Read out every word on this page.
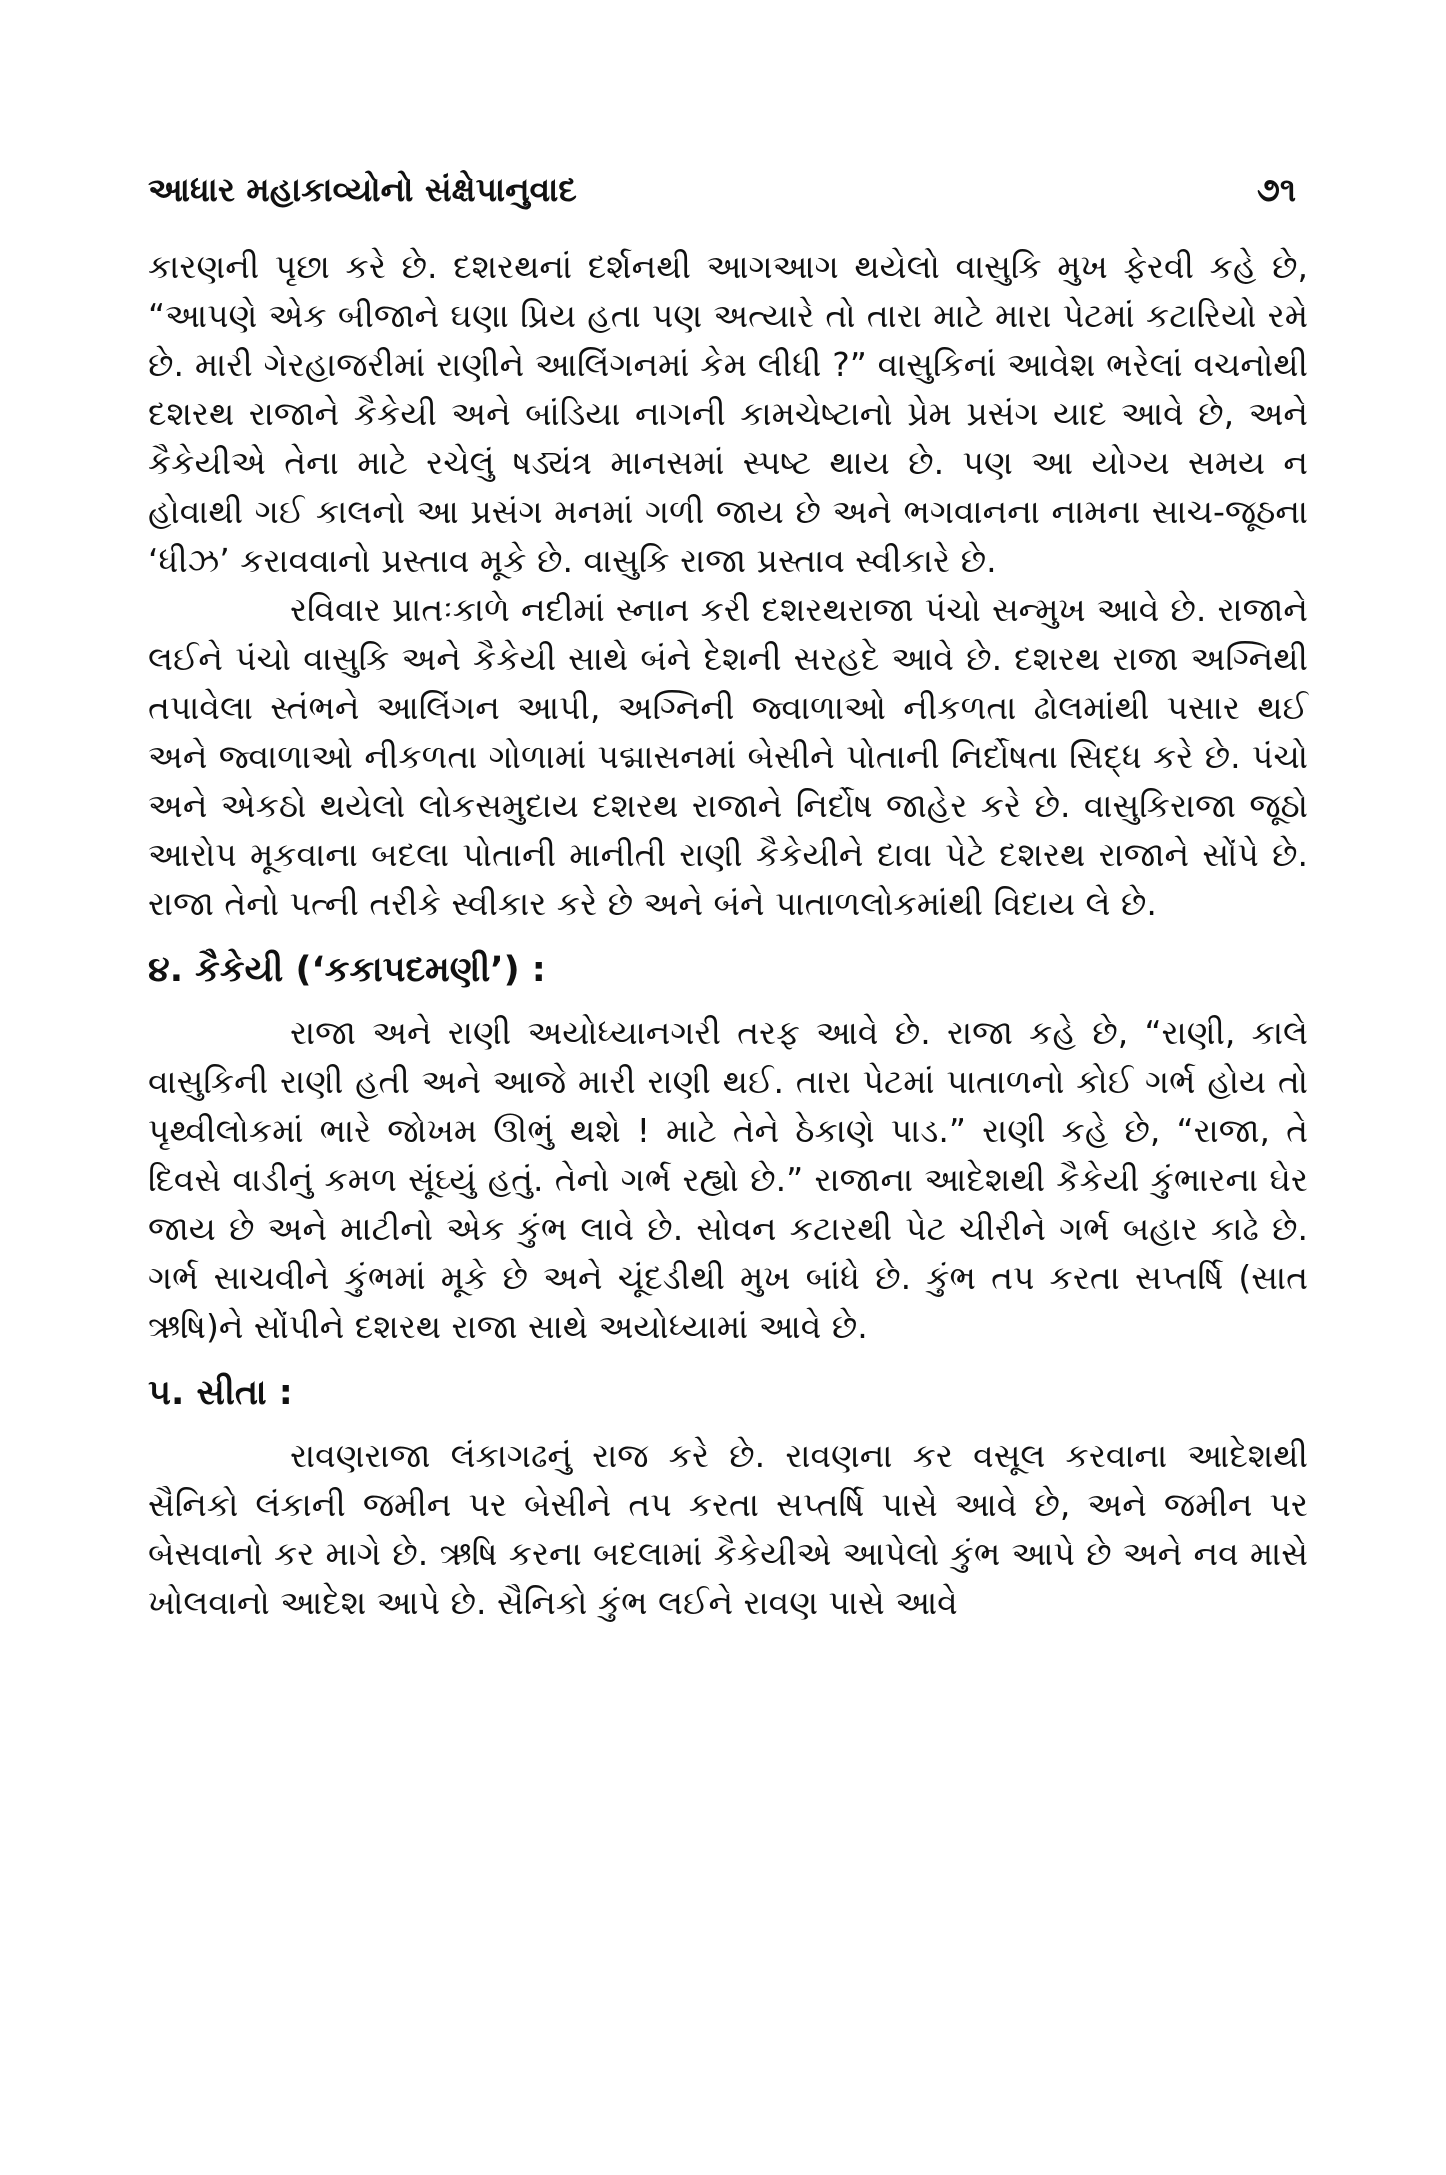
આધાર મહાકાવ્યોનો સંક્ષેપાનુવાદ	૭૧

કારણની પૃછા કરે છે. દશરથનાં દર્શનથી આગઆગ થયેલો વાસુકિ મુખ ફેરવી કહે છે, “આપણે એક બીજાને ઘણા પ્રિય હતા પણ અત્યારે તો તારા માટે મારા પેટમાં કટારિયો રમે છે. મારી ગેરહાજરીમાં રાણીને આલિંગનમાં કેમ લીધી ?” વાસુકિનાં આવેશ ભરેલાં વચનોથી દશરથ રાજાને કૈકેયી અને બાંડિયા નાગની કામચેષ્ટાનો પ્રેમ પ્રસંગ યાદ આવે છે, અને કૈકેયીએ તેના માટે રચેલું ષડ્યંત્ર માનસમાં સ્પષ્ટ થાય છે. પણ આ યોગ્ય સમય ન હોવાથી ગઈ કાલનો આ પ્રસંગ મનમાં ગળી જાય છે અને ભગવાનના નામના સાચ-જૂઠના ‘ધીઝ’ કરાવવાનો પ્રસ્તાવ મૂકે છે. વાસુકિ રાજા પ્રસ્તાવ સ્વીકારે છે.

રવિવાર પ્રાતઃકાળે નદીમાં સ્નાન કરી દશરથરાજા પંચો સન્મુખ આવે છે. રાજાને લઈને પંચો વાસુકિ અને કૈકેયી સાથે બંને દેશની સરહદે આવે છે. દશરથ રાજા અગ્નિથી તપાવેલા સ્તંભને આલિંગન આપી, અગ્નિની જ્વાળાઓ નીકળતા ઢોલમાંથી પસાર થઈ અને જ્વાળાઓ નીકળતા ગોળામાં પદ્માસનમાં બેસીને પોતાની નિર્દોષતા સિદ્ધ કરે છે. પંચો અને એકઠો થયેલો લોકસમુદાય દશરથ રાજાને નિર્દોષ જાહેર કરે છે. વાસુકિરાજા જૂઠો આરોપ મૂકવાના બદલા પોતાની માનીતી રાણી કૈકેયીને દાવા પેટે દશરથ રાજાને સોંપે છે. રાજા તેનો પત્ની તરીકે સ્વીકાર કરે છે અને બંને પાતાળલોકમાંથી વિદાય લે છે.

૪. કૈકેયી (‘કકાપદમણી’) :

રાજા અને રાણી અયોધ્યાનગરી તરફ આવે છે. રાજા કહે છે, “રાણી, કાલે વાસુકિની રાણી હતી અને આજે મારી રાણી થઈ. તારા પેટમાં પાતાળનો કોઈ ગર્ભ હોય તો પૃથ્વીલોકમાં ભારે જોખમ ઊભું થશે ! માટે તેને ઠેકાણે પાડ.” રાણી કહે છે, “રાજા, તે દિવસે વાડીનું કમળ સૂંઘ્યું હતું. તેનો ગર્ભ રહ્યો છે.” રાજાના આદેશથી કૈકેયી કુંભારના ઘેર જાય છે અને માટીનો એક કુંભ લાવે છે. સોવન કટારથી પેટ ચીરીને ગર્ભ બહાર કાઢે છે. ગર્ભ સાચવીને કુંભમાં મૂકે છે અને ચૂંદડીથી મુખ બાંધે છે. કુંભ તપ કરતા સપ્તર્ષિ (સાત ઋષિ)ને સોંપીને દશરથ રાજા સાથે અયોધ્યામાં આવે છે.

૫. સીતા :

રાવણરાજા લંકાગઢનું રાજ કરે છે. રાવણના કર વસૂલ કરવાના આદેશથી સૈનિકો લંકાની જમીન પર બેસીને તપ કરતા સપ્તર્ષિ પાસે આવે છે, અને જમીન પર બેસવાનો કર માગે છે. ઋષિ કરના બદલામાં કૈકેયીએ આપેલો કુંભ આપે છે અને નવ માસે ખોલવાનો આદેશ આપે છે. સૈનિકો કુંભ લઈને રાવણ પાસે આવે
